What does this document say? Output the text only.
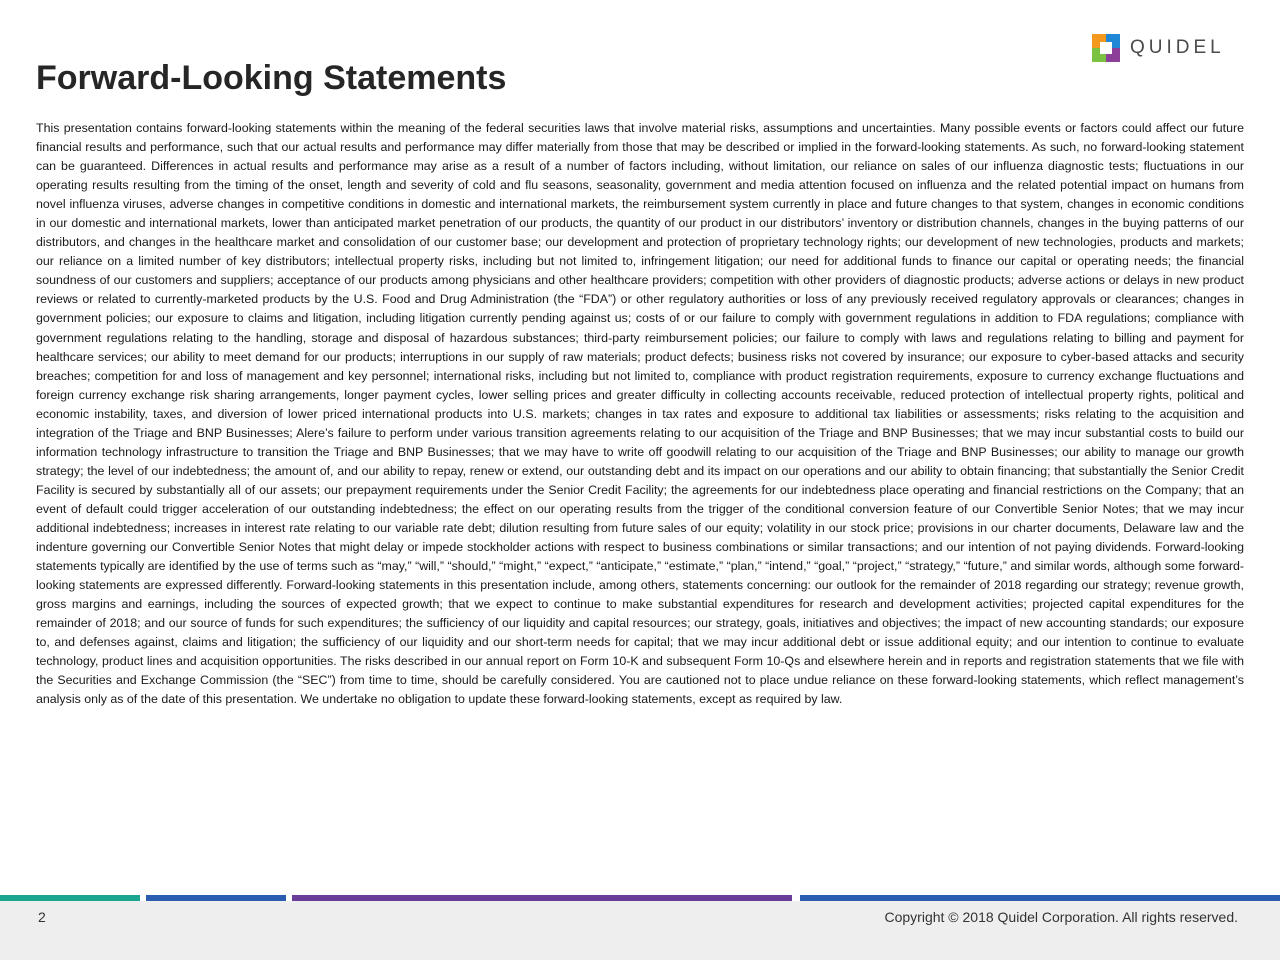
Forward-Looking Statements
QUIDEL

This presentation contains forward-looking statements within the meaning of the federal securities laws that involve material risks, assumptions and uncertainties. Many possible events or factors could affect our future financial results and performance, such that our actual results and performance may differ materially from those that may be described or implied in the forward-looking statements. As such, no forward-looking statement can be guaranteed. Differences in actual results and performance may arise as a result of a number of factors including, without limitation, our reliance on sales of our influenza diagnostic tests; fluctuations in our operating results resulting from the timing of the onset, length and severity of cold and flu seasons, seasonality, government and media attention focused on influenza and the related potential impact on humans from novel influenza viruses, adverse changes in competitive conditions in domestic and international markets, the reimbursement system currently in place and future changes to that system, changes in economic conditions in our domestic and international markets, lower than anticipated market penetration of our products, the quantity of our product in our distributors’ inventory or distribution channels, changes in the buying patterns of our distributors, and changes in the healthcare market and consolidation of our customer base; our development and protection of proprietary technology rights; our development of new technologies, products and markets; our reliance on a limited number of key distributors; intellectual property risks, including but not limited to, infringement litigation; our need for additional funds to finance our capital or operating needs; the financial soundness of our customers and suppliers; acceptance of our products among physicians and other healthcare providers; competition with other providers of diagnostic products; adverse actions or delays in new product reviews or related to currently-marketed products by the U.S. Food and Drug Administration (the “FDA”) or other regulatory authorities or loss of any previously received regulatory approvals or clearances; changes in government policies; our exposure to claims and litigation, including litigation currently pending against us; costs of or our failure to comply with government regulations in addition to FDA regulations; compliance with government regulations relating to the handling, storage and disposal of hazardous substances; third-party reimbursement policies; our failure to comply with laws and regulations relating to billing and payment for healthcare services; our ability to meet demand for our products; interruptions in our supply of raw materials; product defects; business risks not covered by insurance; our exposure to cyber-based attacks and security breaches; competition for and loss of management and key personnel; international risks, including but not limited to, compliance with product registration requirements, exposure to currency exchange fluctuations and foreign currency exchange risk sharing arrangements, longer payment cycles, lower selling prices and greater difficulty in collecting accounts receivable, reduced protection of intellectual property rights, political and economic instability, taxes, and diversion of lower priced international products into U.S. markets; changes in tax rates and exposure to additional tax liabilities or assessments; risks relating to the acquisition and integration of the Triage and BNP Businesses; Alere’s failure to perform under various transition agreements relating to our acquisition of the Triage and BNP Businesses; that we may incur substantial costs to build our information technology infrastructure to transition the Triage and BNP Businesses; that we may have to write off goodwill relating to our acquisition of the Triage and BNP Businesses; our ability to manage our growth strategy; the level of our indebtedness; the amount of, and our ability to repay, renew or extend, our outstanding debt and its impact on our operations and our ability to obtain financing; that substantially the Senior Credit Facility is secured by substantially all of our assets; our prepayment requirements under the Senior Credit Facility; the agreements for our indebtedness place operating and financial restrictions on the Company; that an event of default could trigger acceleration of our outstanding indebtedness; the effect on our operating results from the trigger of the conditional conversion feature of our Convertible Senior Notes; that we may incur additional indebtedness; increases in interest rate relating to our variable rate debt; dilution resulting from future sales of our equity; volatility in our stock price; provisions in our charter documents, Delaware law and the indenture governing our Convertible Senior Notes that might delay or impede stockholder actions with respect to business combinations or similar transactions; and our intention of not paying dividends. Forward-looking statements typically are identified by the use of terms such as “may,” “will,” “should,” “might,” “expect,” “anticipate,” “estimate,” “plan,” “intend,” “goal,” “project,” “strategy,” “future,” and similar words, although some forward-looking statements are expressed differently. Forward-looking statements in this presentation include, among others, statements concerning: our outlook for the remainder of 2018 regarding our strategy; revenue growth, gross margins and earnings, including the sources of expected growth; that we expect to continue to make substantial expenditures for research and development activities; projected capital expenditures for the remainder of 2018; and our source of funds for such expenditures; the sufficiency of our liquidity and capital resources; our strategy, goals, initiatives and objectives; the impact of new accounting standards; our exposure to, and defenses against, claims and litigation; the sufficiency of our liquidity and our short-term needs for capital; that we may incur additional debt or issue additional equity; and our intention to continue to evaluate technology, product lines and acquisition opportunities. The risks described in our annual report on Form 10-K and subsequent Form 10-Qs and elsewhere herein and in reports and registration statements that we file with the Securities and Exchange Commission (the “SEC”) from time to time, should be carefully considered. You are cautioned not to place undue reliance on these forward-looking statements, which reflect management’s analysis only as of the date of this presentation. We undertake no obligation to update these forward-looking statements, except as required by law.

2	Copyright © 2018 Quidel Corporation. All rights reserved.
